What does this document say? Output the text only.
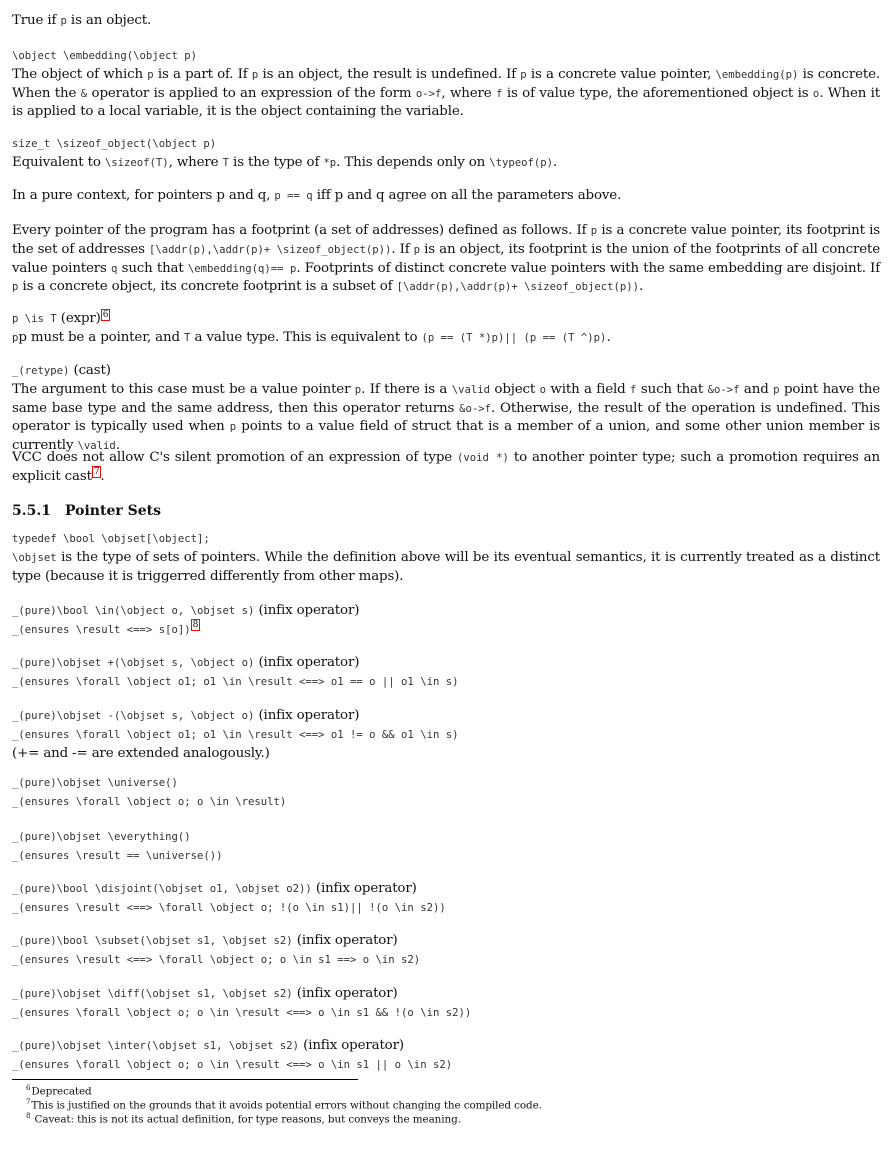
True if p is an object.

\object \embedding(\object p)

The object of which p is a part of. If p is an object, the result is undefined. If p is a concrete value pointer, \embedding(p) is concrete. When the & operator is applied to an expression of the form o->f, where f is of value type, the aforementioned object is o. When it is applied to a local variable, it is the object containing the variable.

size_t \sizeof_object(\object p)

Equivalent to \sizeof(T), where T is the type of *p. This depends only on \typeof(p).

In a pure context, for pointers p and q, p == q iff p and q agree on all the parameters above.

Every pointer of the program has a footprint (a set of addresses) defined as follows. If p is a concrete value pointer, its footprint is the set of addresses [\addr(p),\addr(p)+ \sizeof_object(p)). If p is an object, its footprint is the union of the footprints of all concrete value pointers q such that \embedding(q)== p. Footprints of distinct concrete value pointers with the same embedding are disjoint. If p is a concrete object, its concrete footprint is a subset of [\addr(p),\addr(p)+ \sizeof_object(p)).

p \is T (expr) $^6$

pp must be a pointer, and T a value type. This is equivalent to (p == (T *)p)|| (p == (T ^)p).

_(retype) (cast)

The argument to this case must be a value pointer p. If there is a \valid object o with a field f such that &o->f and p point have the same base type and the same address, then this operator returns &o->f. Otherwise, the result of the operation is undefined. This operator is typically used when p points to a value field of struct that is a member of a union, and some other union member is currently \valid.

VCC does not allow C's silent promotion of an expression of type (void *) to another pointer type; such a promotion requires an explicit cast $^7$.

5.5.1 Pointer Sets
typedef \bool \objset[\object];

\objset is the type of sets of pointers. While the definition above will be its eventual semantics, it is currently treated as a distinct type (because it is triggerred differently from other maps).

_(pure)\bool \in(\object o, \objset s) (infix operator)
_(ensures \result <==> s[o]) $^8$
_(pure)\objset +(\objset s, \object o) (infix operator)
_(ensures \forall \object o1; o1 \in \result <==> o1 == o || o1 \in s)
_(pure)\objset -(\objset s, \object o) (infix operator)
_(ensures \forall \object o1; o1 \in \result <==> o1 != o && o1 \in s)
(+= and -= are extended analogously.)
_(pure)\objset \universe()
_(ensures \forall \object o; o \in \result)
_(pure)\objset \everything()
_(ensures \result == \universe())
_(pure)\bool \disjoint(\objset o1, \objset o2)) (infix operator)
_(ensures \result <==> \forall \object o; !(o \in s1)|| !(o \in s2))
_(pure)\bool \subset(\objset s1, \objset s2) (infix operator)
_(ensures \result <==> \forall \object o; o \in s1 ==> o \in s2)
_(pure)\objset \diff(\objset s1, \objset s2) (infix operator)
_(ensures \forall \object o; o \in \result <==> o \in s1 && !(o \in s2))
_(pure)\objset \inter(\objset s1, \objset s2) (infix operator)
_(ensures \forall \object o; o \in \result <==> o \in s1 || o \in s2)
$^6$Deprecated
$^7$This is justified on the grounds that it avoids potential errors without changing the compiled code.
$^8$ Caveat: this is not its actual definition, for type reasons, but conveys the meaning.
